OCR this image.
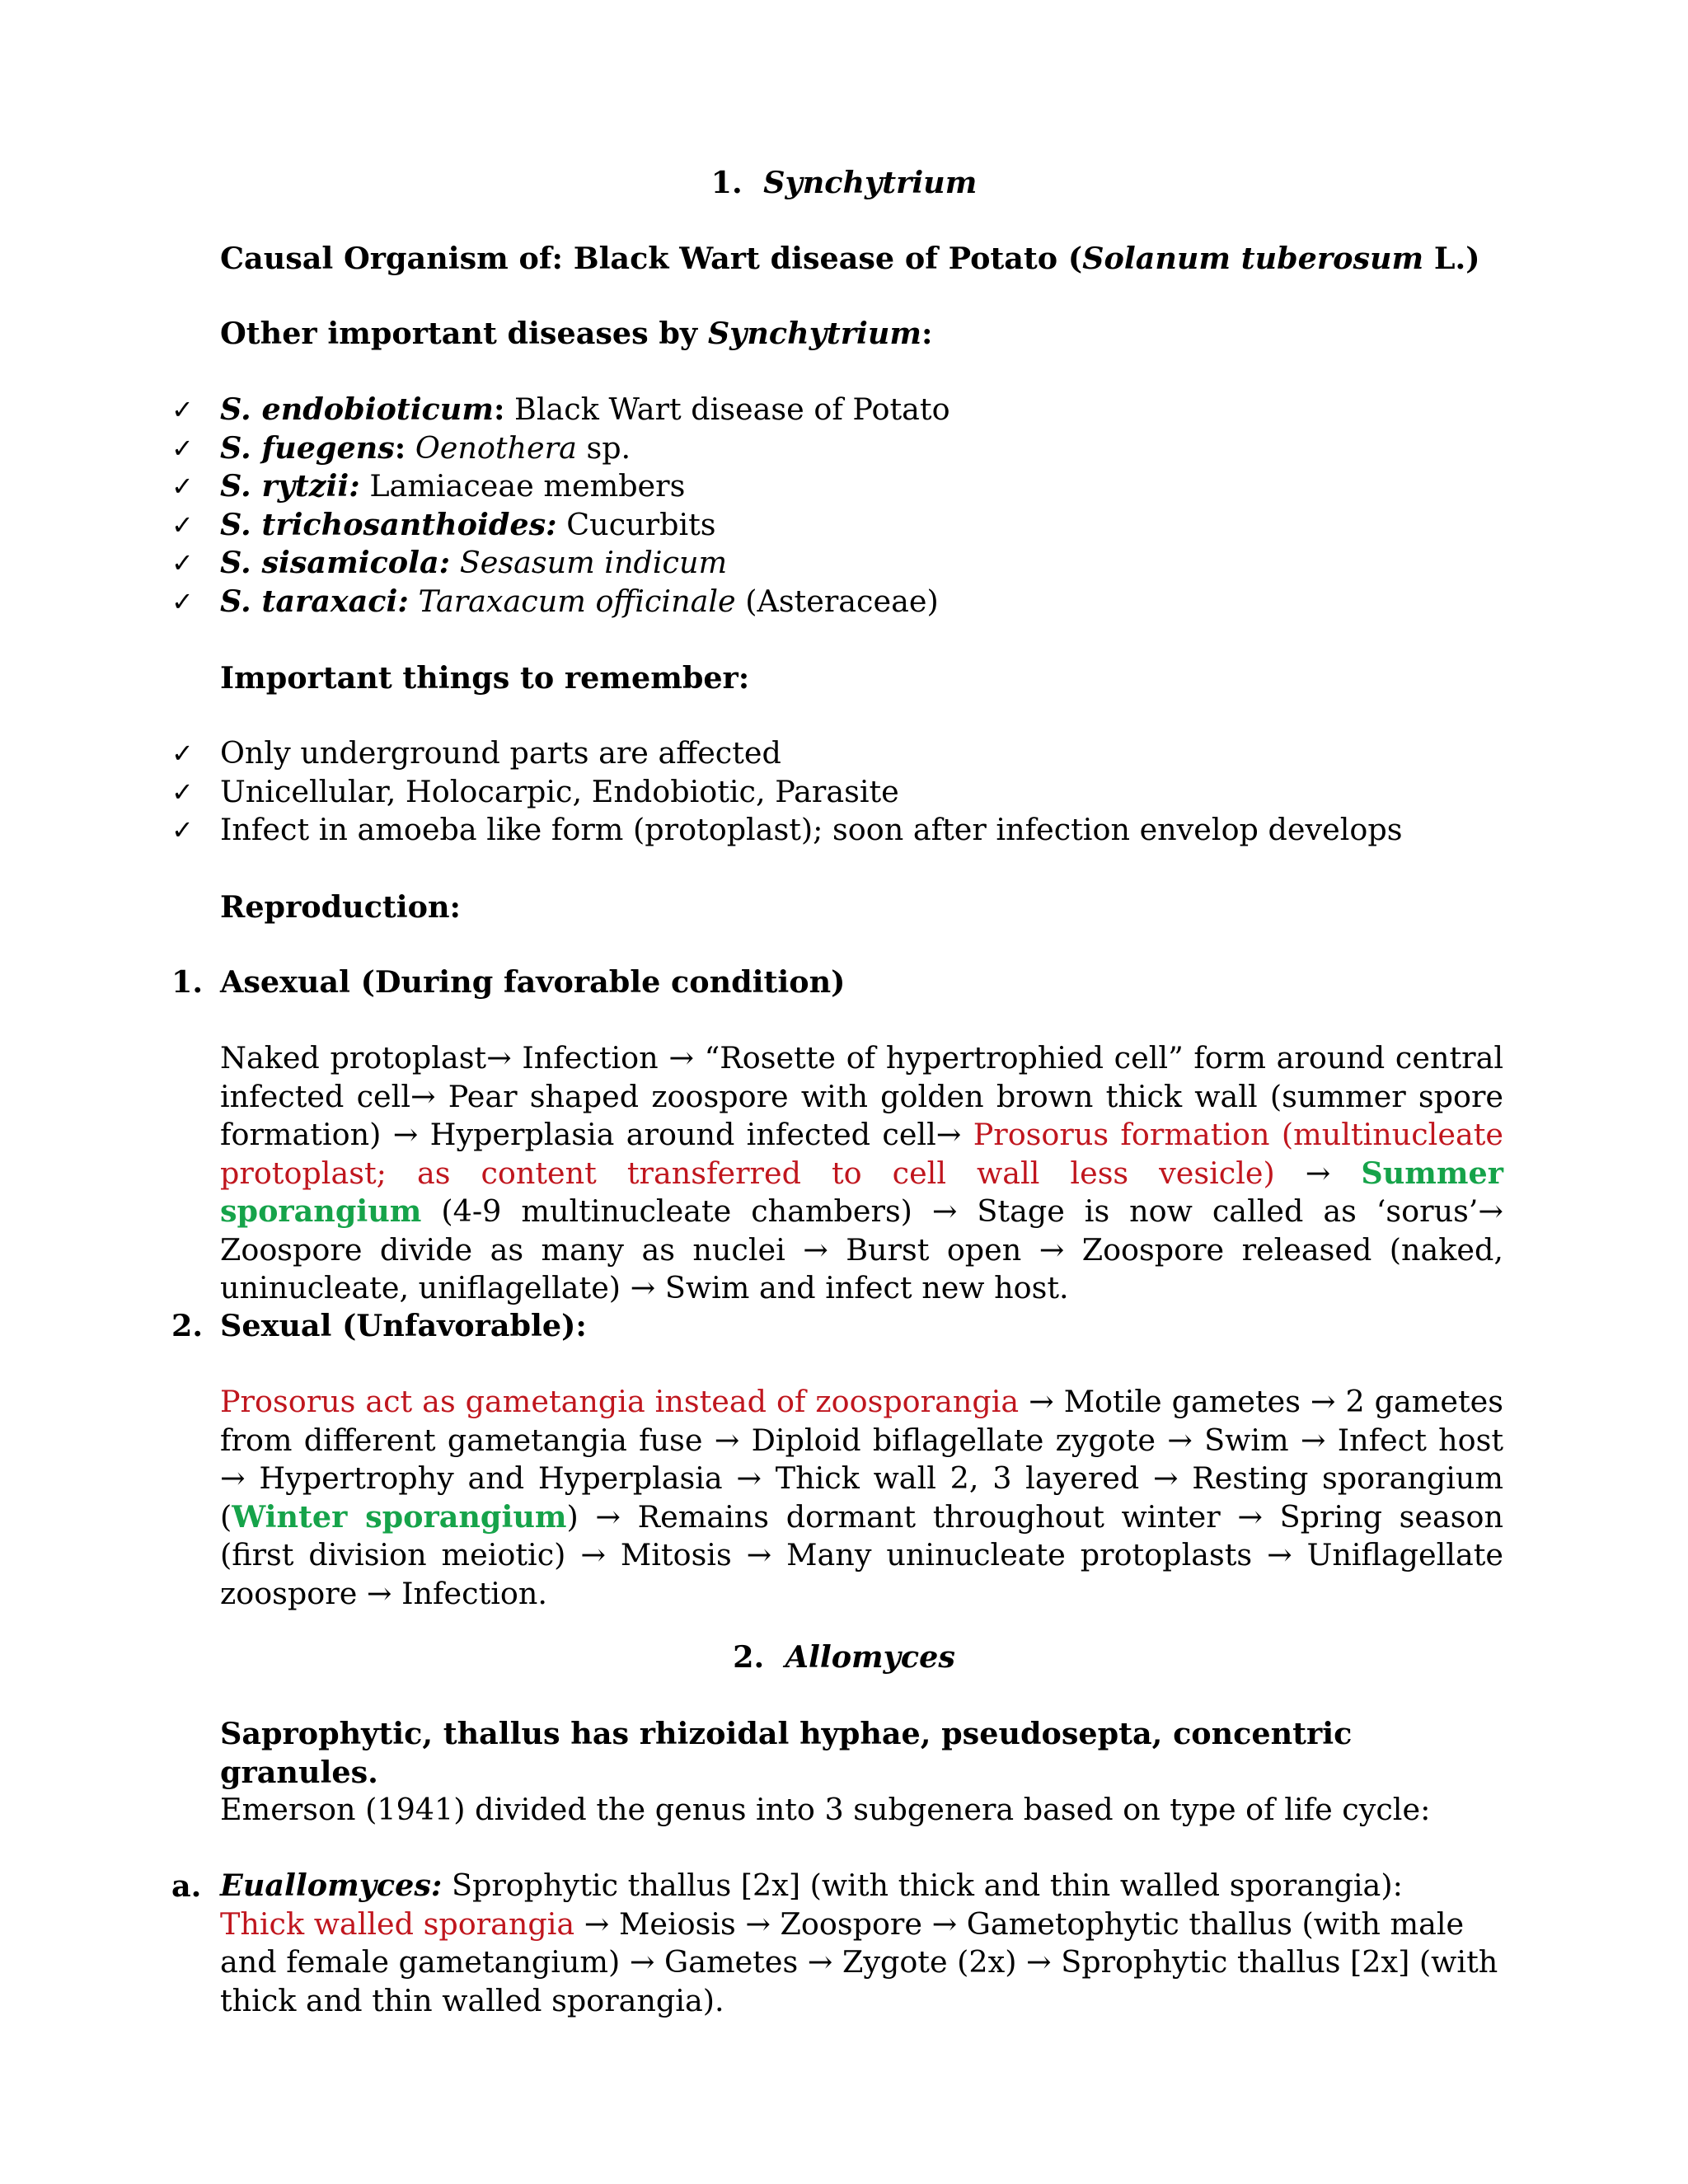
1. Synchytrium

Causal Organism of: Black Wart disease of Potato (Solanum tuberosum L.)

Other important diseases by Synchytrium:

✓ S. endobioticum: Black Wart disease of Potato
✓ S. fuegens: Oenothera sp.
✓ S. rytzii: Lamiaceae members
✓ S. trichosanthoides: Cucurbits
✓ S. sisamicola: Sesasum indicum
✓ S. taraxaci: Taraxacum officinale (Asteraceae)

Important things to remember:

✓ Only underground parts are affected
✓ Unicellular, Holocarpic, Endobiotic, Parasite
✓ Infect in amoeba like form (protoplast); soon after infection envelop develops

Reproduction:

1. Asexual (During favorable condition)

Naked protoplast→ Infection → “Rosette of hypertrophied cell” form around central infected cell→ Pear shaped zoospore with golden brown thick wall (summer spore formation) → Hyperplasia around infected cell→ Prosorus formation (multinucleate protoplast; as content transferred to cell wall less vesicle) → Summer sporangium (4-9 multinucleate chambers) → Stage is now called as ‘sorus’→ Zoospore divide as many as nuclei → Burst open → Zoospore released (naked, uninucleate, uniflagellate) → Swim and infect new host.

2. Sexual (Unfavorable):

Prosorus act as gametangia instead of zoosporangia → Motile gametes → 2 gametes from different gametangia fuse → Diploid biflagellate zygote → Swim → Infect host → Hypertrophy and Hyperplasia → Thick wall 2, 3 layered → Resting sporangium (Winter sporangium) → Remains dormant throughout winter → Spring season (first division meiotic) → Mitosis → Many uninucleate protoplasts → Uniflagellate zoospore → Infection.

2. Allomyces

Saprophytic, thallus has rhizoidal hyphae, pseudosepta, concentric granules.

Emerson (1941) divided the genus into 3 subgenera based on type of life cycle:

a. Euallomyces: Sprophytic thallus [2x] (with thick and thin walled sporangia):
Thick walled sporangia → Meiosis → Zoospore → Gametophytic thallus (with male and female gametangium) → Gametes → Zygote (2x) → Sprophytic thallus [2x] (with thick and thin walled sporangia).
